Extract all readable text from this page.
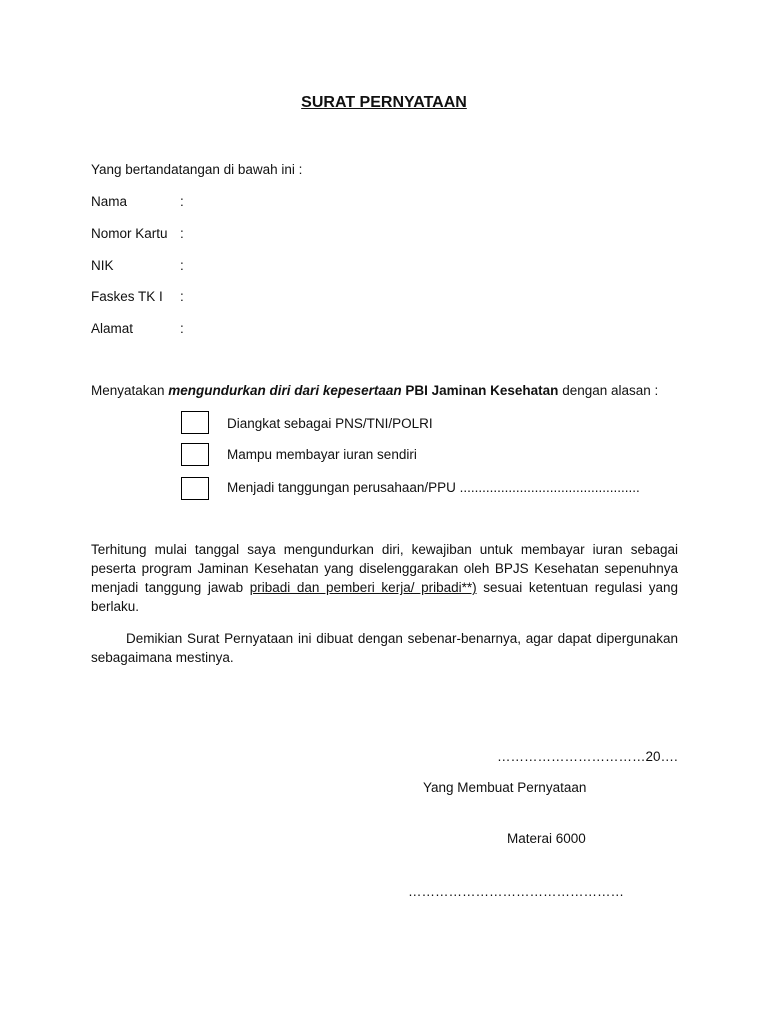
SURAT PERNYATAAN
Yang bertandatangan di bawah ini :
Nama	:
Nomor Kartu :
NIK	:
Faskes TK I :
Alamat	:
Menyatakan mengundurkan diri dari kepesertaan PBI Jaminan Kesehatan dengan alasan :
Diangkat sebagai PNS/TNI/POLRI
Mampu membayar iuran sendiri
Menjadi tanggungan perusahaan/PPU ................................................
Terhitung mulai tanggal saya mengundurkan diri, kewajiban untuk membayar iuran sebagai peserta program Jaminan Kesehatan yang diselenggarakan oleh BPJS Kesehatan sepenuhnya menjadi tanggung jawab pribadi dan pemberi kerja/ pribadi**) sesuai ketentuan regulasi yang berlaku.
Demikian Surat Pernyataan ini dibuat dengan sebenar-benarnya, agar dapat dipergunakan sebagaimana mestinya.
……………………………20….
Yang Membuat Pernyataan
Materai 6000
…………………………………………
